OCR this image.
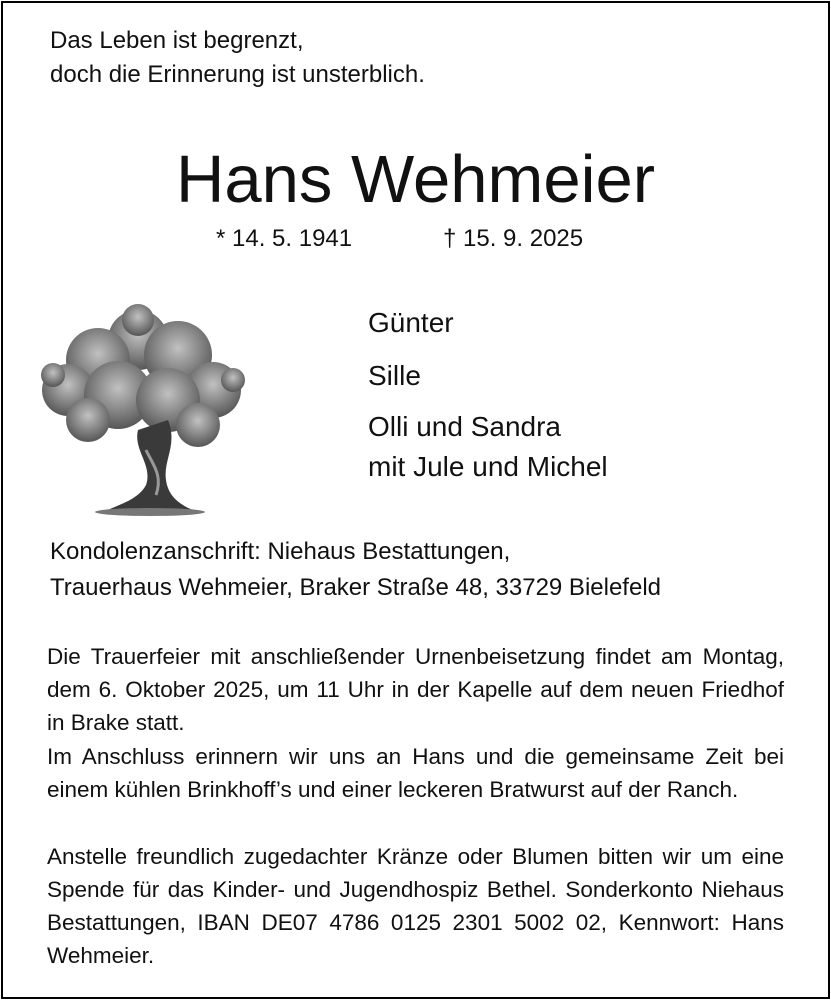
Das Leben ist begrenzt,
doch die Erinnerung ist unsterblich.
Hans Wehmeier
* 14. 5. 1941	† 15. 9. 2025
Günter
Sille
Olli und Sandra
mit Jule und Michel
Kondolenzanschrift: Niehaus Bestattungen,
Trauerhaus Wehmeier, Braker Straße 48, 33729 Bielefeld

Die Trauerfeier mit anschließender Urnenbeisetzung findet am Montag, dem 6. Oktober 2025, um 11 Uhr in der Kapelle auf dem neuen Friedhof in Brake statt.

Im Anschluss erinnern wir uns an Hans und die gemeinsame Zeit bei einem kühlen Brinkhoff’s und einer leckeren Bratwurst auf der Ranch.

Anstelle freundlich zugedachter Kränze oder Blumen bitten wir um eine Spende für das Kinder- und Jugendhospiz Bethel. Sonderkonto Niehaus Bestattungen, IBAN DE07 4786 0125 2301 5002 02, Kennwort: Hans Wehmeier.
